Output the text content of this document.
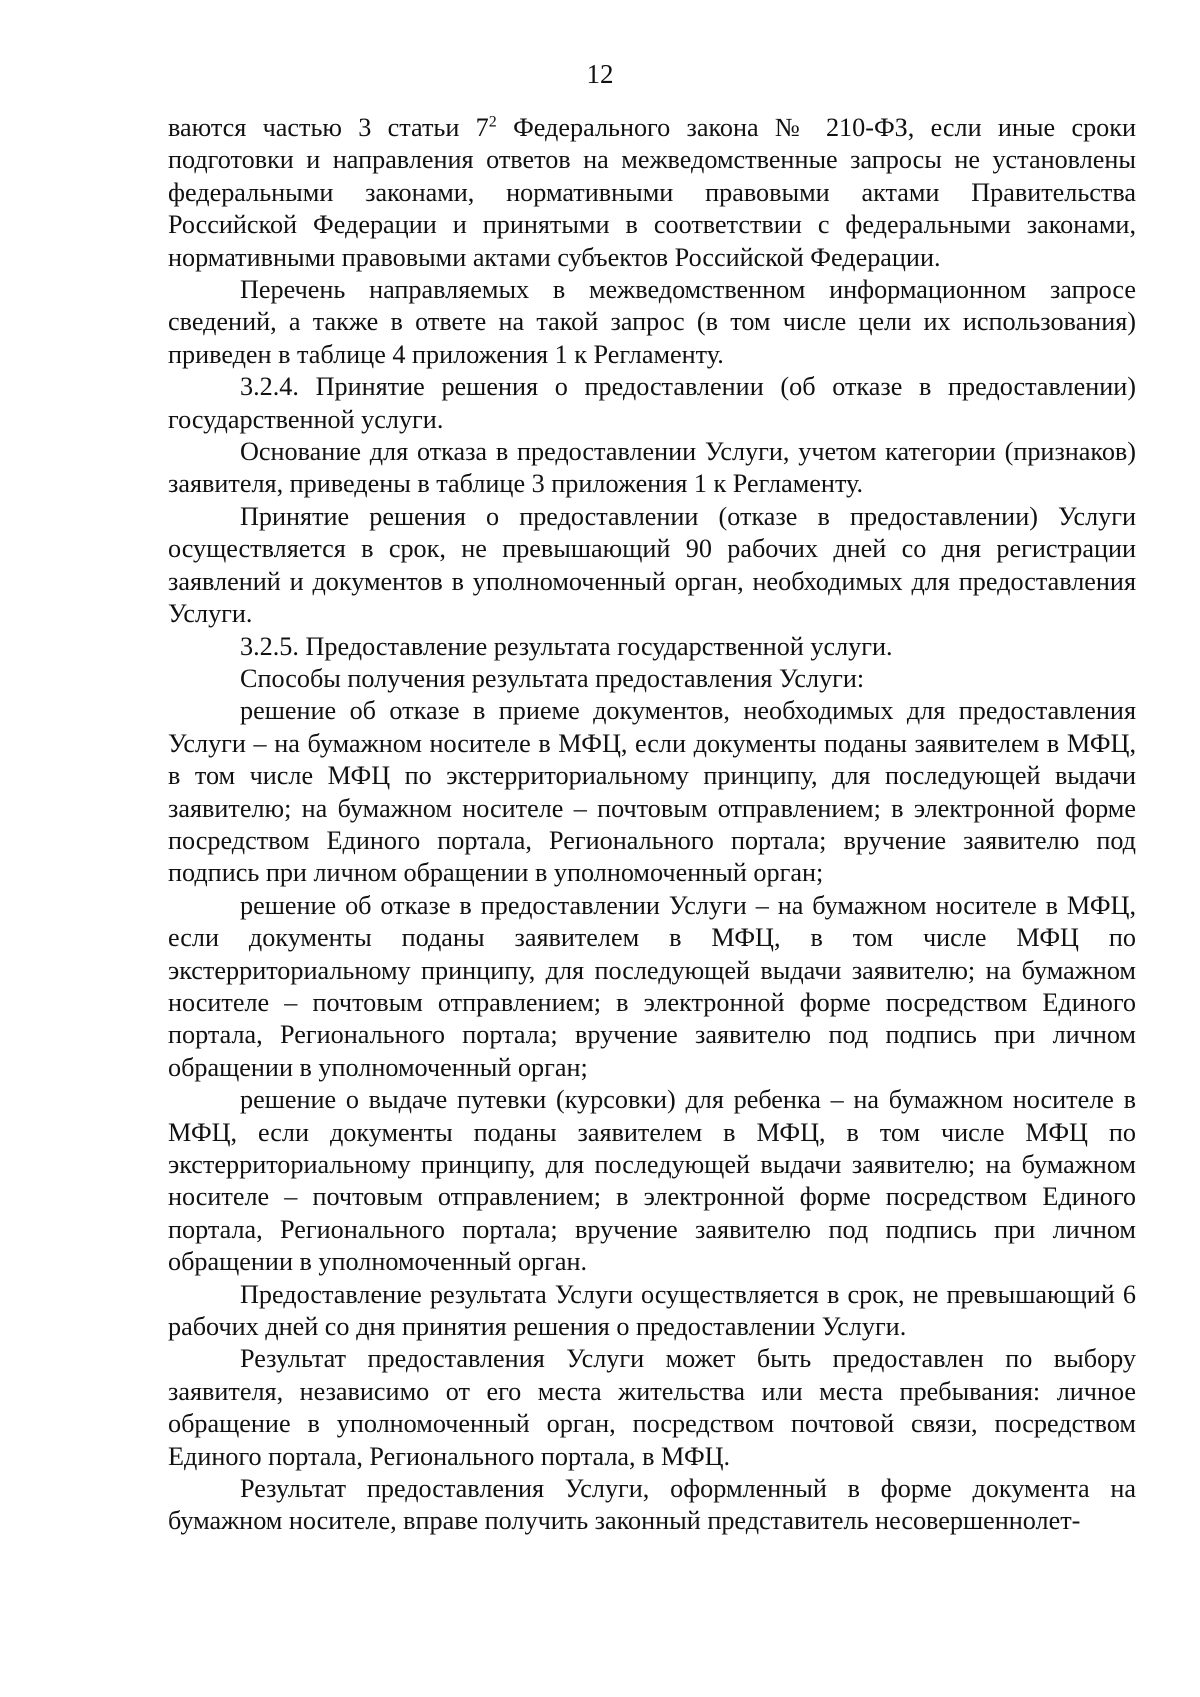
12

ваются частью 3 статьи $7^2$ Федерального закона № 210-ФЗ, если иные сроки подготовки и направления ответов на межведомственные запросы не установлены федеральными законами, нормативными правовыми актами Правительства Российской Федерации и принятыми в соответствии с федеральными законами, нормативными правовыми актами субъектов Российской Федерации.

Перечень направляемых в межведомственном информационном запросе сведений, а также в ответе на такой запрос (в том числе цели их использования) приведен в таблице 4 приложения 1 к Регламенту.

3.2.4. Принятие решения о предоставлении (об отказе в предоставлении) государственной услуги.

Основание для отказа в предоставлении Услуги, учетом категории (признаков) заявителя, приведены в таблице 3 приложения 1 к Регламенту.

Принятие решения о предоставлении (отказе в предоставлении) Услуги осуществляется в срок, не превышающий 90 рабочих дней со дня регистрации заявлений и документов в уполномоченный орган, необходимых для предоставления Услуги.

3.2.5. Предоставление результата государственной услуги.

Способы получения результата предоставления Услуги:

решение об отказе в приеме документов, необходимых для предоставления Услуги – на бумажном носителе в МФЦ, если документы поданы заявителем в МФЦ, в том числе МФЦ по экстерриториальному принципу, для последующей выдачи заявителю; на бумажном носителе – почтовым отправлением; в электронной форме посредством Единого портала, Регионального портала; вручение заявителю под подпись при личном обращении в уполномоченный орган;

решение об отказе в предоставлении Услуги – на бумажном носителе в МФЦ, если документы поданы заявителем в МФЦ, в том числе МФЦ по экстерриториальному принципу, для последующей выдачи заявителю; на бумажном носителе – почтовым отправлением; в электронной форме посредством Единого портала, Регионального портала; вручение заявителю под подпись при личном обращении в уполномоченный орган;

решение о выдаче путевки (курсовки) для ребенка – на бумажном носителе в МФЦ, если документы поданы заявителем в МФЦ, в том числе МФЦ по экстерриториальному принципу, для последующей выдачи заявителю; на бумажном носителе – почтовым отправлением; в электронной форме посредством Единого портала, Регионального портала; вручение заявителю под подпись при личном обращении в уполномоченный орган.

Предоставление результата Услуги осуществляется в срок, не превышающий 6 рабочих дней со дня принятия решения о предоставлении Услуги.

Результат предоставления Услуги может быть предоставлен по выбору заявителя, независимо от его места жительства или места пребывания: личное обращение в уполномоченный орган, посредством почтовой связи, посредством Единого портала, Регионального портала, в МФЦ.

Результат предоставления Услуги, оформленный в форме документа на бумажном носителе, вправе получить законный представитель несовершеннолет-
